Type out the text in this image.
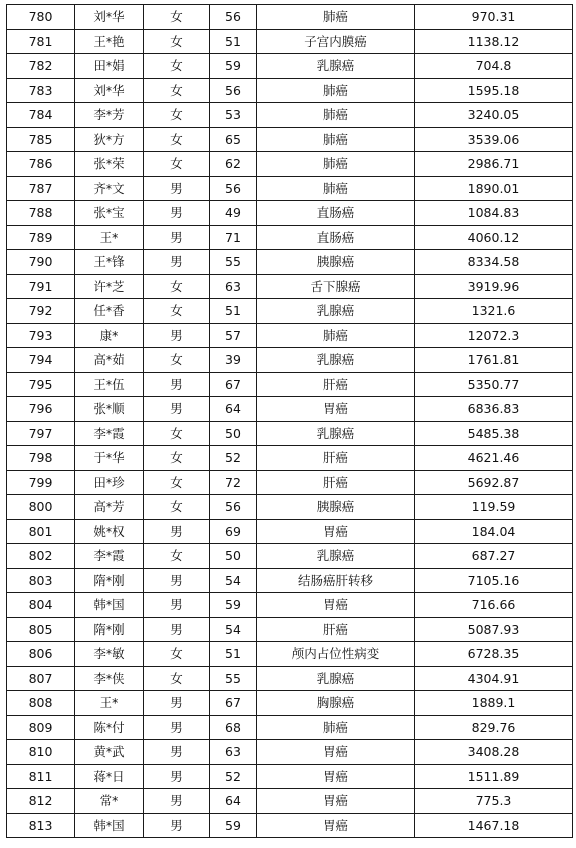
780	刘*华	女	56	肺癌	970.31
781	王*艳	女	51	子宫内膜癌	1138.12
782	田*娟	女	59	乳腺癌	704.8
783	刘*华	女	56	肺癌	1595.18
784	李*芳	女	53	肺癌	3240.05
785	狄*方	女	65	肺癌	3539.06
786	张*荣	女	62	肺癌	2986.71
787	齐*文	男	56	肺癌	1890.01
788	张*宝	男	49	直肠癌	1084.83
789	王*	男	71	直肠癌	4060.12
790	王*锋	男	55	胰腺癌	8334.58
791	许*芝	女	63	舌下腺癌	3919.96
792	任*香	女	51	乳腺癌	1321.6
793	康*	男	57	肺癌	12072.3
794	高*茹	女	39	乳腺癌	1761.81
795	王*伍	男	67	肝癌	5350.77
796	张*顺	男	64	胃癌	6836.83
797	李*霞	女	50	乳腺癌	5485.38
798	于*华	女	52	肝癌	4621.46
799	田*珍	女	72	肝癌	5692.87
800	高*芳	女	56	胰腺癌	119.59
801	姚*权	男	69	胃癌	184.04
802	李*霞	女	50	乳腺癌	687.27
803	隋*刚	男	54	结肠癌肝转移	7105.16
804	韩*国	男	59	胃癌	716.66
805	隋*刚	男	54	肝癌	5087.93
806	李*敏	女	51	颅内占位性病变	6728.35
807	李*侠	女	55	乳腺癌	4304.91
808	王*	男	67	胸腺癌	1889.1
809	陈*付	男	68	肺癌	829.76
810	黄*武	男	63	胃癌	3408.28
811	蒋*日	男	52	胃癌	1511.89
812	常*	男	64	胃癌	775.3
813	韩*国	男	59	胃癌	1467.18
